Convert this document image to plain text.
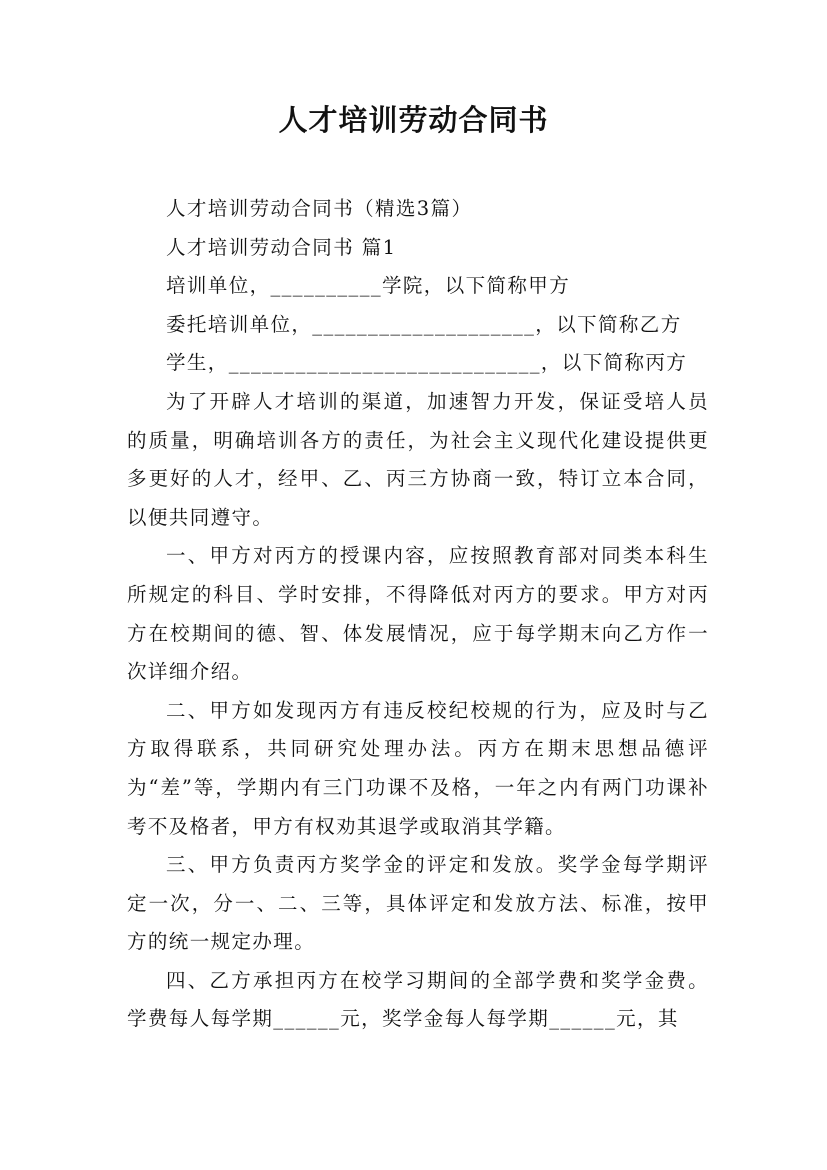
人才培训劳动合同书

人才培训劳动合同书（精选3篇）

人才培训劳动合同书 篇1

培训单位，__________学院，以下简称甲方

委托培训单位，____________________，以下简称乙方

学生，____________________________，以下简称丙方

为了开辟人才培训的渠道，加速智力开发，保证受培人员的质量，明确培训各方的责任，为社会主义现代化建设提供更多更好的人才，经甲、乙、丙三方协商一致，特订立本合同，以便共同遵守。

一、甲方对丙方的授课内容，应按照教育部对同类本科生所规定的科目、学时安排，不得降低对丙方的要求。甲方对丙方在校期间的德、智、体发展情况，应于每学期末向乙方作一次详细介绍。

二、甲方如发现丙方有违反校纪校规的行为，应及时与乙方取得联系，共同研究处理办法。丙方在期末思想品德评为“差”等，学期内有三门功课不及格，一年之内有两门功课补考不及格者，甲方有权劝其退学或取消其学籍。

三、甲方负责丙方奖学金的评定和发放。奖学金每学期评定一次，分一、二、三等，具体评定和发放方法、标准，按甲方的统一规定办理。

四、乙方承担丙方在校学习期间的全部学费和奖学金费。学费每人每学期______元，奖学金每人每学期______元，其
